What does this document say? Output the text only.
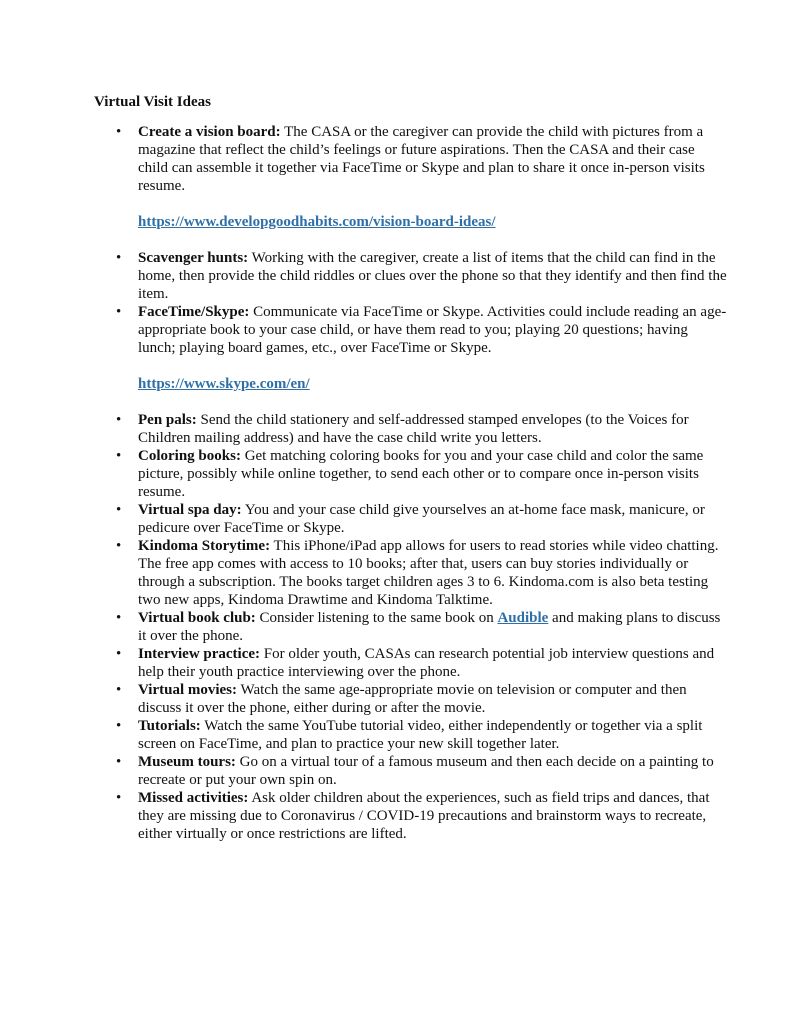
Virtual Visit Ideas
• Create a vision board: The CASA or the caregiver can provide the child with pictures from a magazine that reflect the child’s feelings or future aspirations. Then the CASA and their case child can assemble it together via FaceTime or Skype and plan to share it once in-person visits resume.
https://www.developgoodhabits.com/vision-board-ideas/
• Scavenger hunts: Working with the caregiver, create a list of items that the child can find in the home, then provide the child riddles or clues over the phone so that they identify and then find the item.
• FaceTime/Skype: Communicate via FaceTime or Skype. Activities could include reading an age-appropriate book to your case child, or have them read to you; playing 20 questions; having lunch; playing board games, etc., over FaceTime or Skype.
https://www.skype.com/en/
• Pen pals: Send the child stationery and self-addressed stamped envelopes (to the Voices for Children mailing address) and have the case child write you letters.
• Coloring books: Get matching coloring books for you and your case child and color the same picture, possibly while online together, to send each other or to compare once in-person visits resume.
• Virtual spa day: You and your case child give yourselves an at-home face mask, manicure, or pedicure over FaceTime or Skype.
• Kindoma Storytime: This iPhone/iPad app allows for users to read stories while video chatting. The free app comes with access to 10 books; after that, users can buy stories individually or through a subscription. The books target children ages 3 to 6. Kindoma.com is also beta testing two new apps, Kindoma Drawtime and Kindoma Talktime.
• Virtual book club: Consider listening to the same book on Audible and making plans to discuss it over the phone.
• Interview practice: For older youth, CASAs can research potential job interview questions and help their youth practice interviewing over the phone.
• Virtual movies: Watch the same age-appropriate movie on television or computer and then discuss it over the phone, either during or after the movie.
• Tutorials: Watch the same YouTube tutorial video, either independently or together via a split screen on FaceTime, and plan to practice your new skill together later.
• Museum tours: Go on a virtual tour of a famous museum and then each decide on a painting to recreate or put your own spin on.
• Missed activities: Ask older children about the experiences, such as field trips and dances, that they are missing due to Coronavirus / COVID-19 precautions and brainstorm ways to recreate, either virtually or once restrictions are lifted.
